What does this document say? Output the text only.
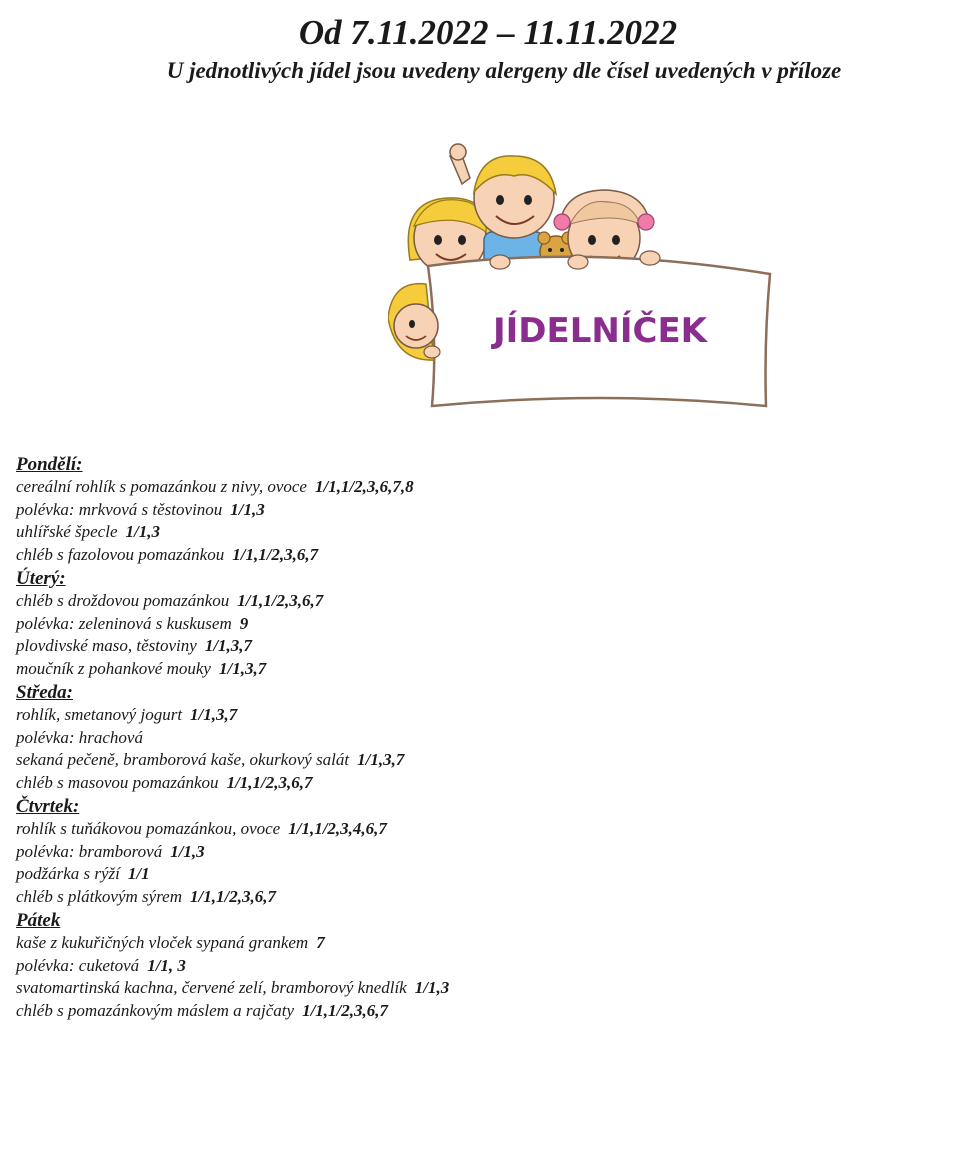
Od 7.11.2022 – 11.11.2022
U jednotlivých jídel jsou uvedeny alergeny dle čísel uvedených v příloze
JÍDELNÍČEK
Pondělí:
cereální rohlík s pomazánkou z nivy, ovoce 1/1,1/2,3,6,7,8
polévka: mrkvová s těstovinou 1/1,3
uhlířské špecle 1/1,3
chléb s fazolovou pomazánkou 1/1,1/2,3,6,7
Úterý:
chléb s droždovou pomazánkou 1/1,1/2,3,6,7
polévka: zeleninová s kuskusem 9
plovdivské maso, těstoviny 1/1,3,7
moučník z pohankové mouky 1/1,3,7
Středa:
rohlík, smetanový jogurt 1/1,3,7
polévka: hrachová
sekaná pečeně, bramborová kaše, okurkový salát 1/1,3,7
chléb s masovou pomazánkou 1/1,1/2,3,6,7
Čtvrtek:
rohlík s tuňákovou pomazánkou, ovoce 1/1,1/2,3,4,6,7
polévka: bramborová 1/1,3
podžárka s rýží 1/1
chléb s plátkovým sýrem 1/1,1/2,3,6,7
Pátek
kaše z kukuřičných vloček sypaná grankem 7
polévka: cuketová 1/1, 3
svatomartinská kachna, červené zelí, bramborový knedlík 1/1,3
chléb s pomazánkovým máslem a rajčaty 1/1,1/2,3,6,7
